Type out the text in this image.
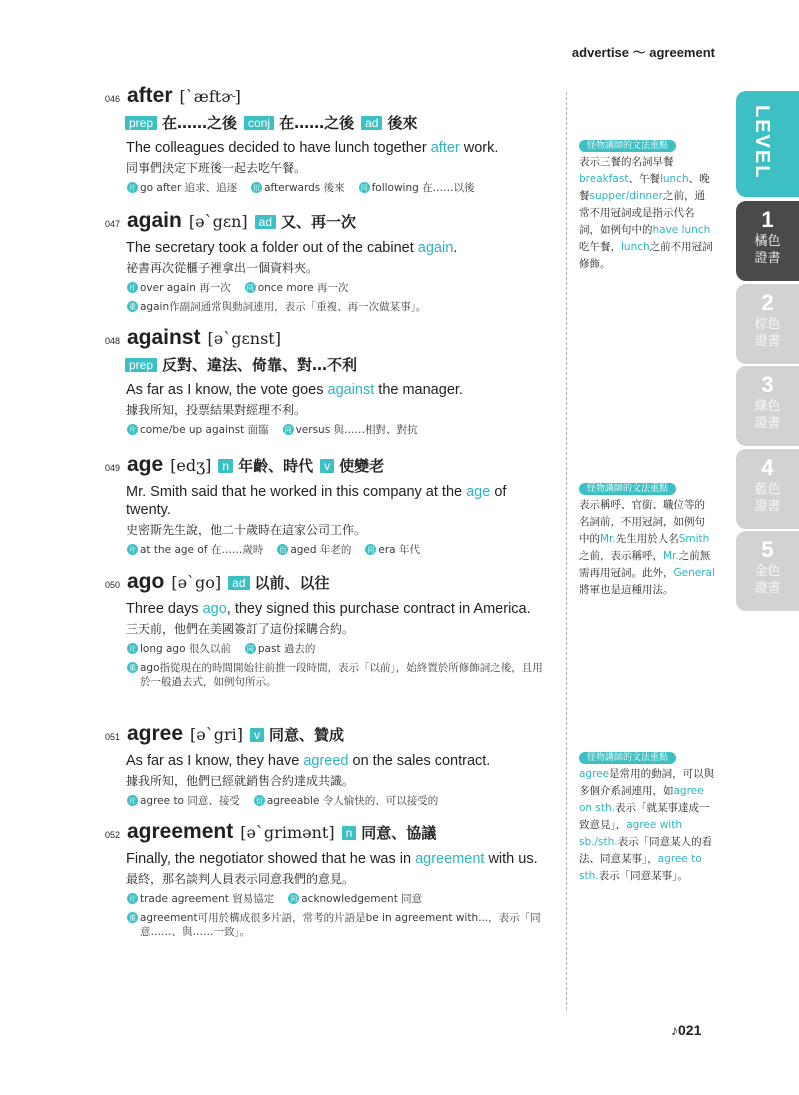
advertise ～ agreement
046 after [ˋæftɚ]
prep 在……之後 conj 在……之後 ad 後來
The colleagues decided to have lunch together after work.
同事們決定下班後一起去吃午餐。
片 go after 追求、追逐 衍 afterwards 後來 同 following 在……以後
047 again [əˋgɛn] ad 又、再一次
The secretary took a folder out of the cabinet again.
祕書再次從櫃子裡拿出一個資料夾。
片 over again 再一次 同 once more 再一次
重 again作副詞通常與動詞連用，表示「重複、再一次做某事」。
048 against [əˋgɛnst]
prep 反對、違法、倚靠、對…不利
As far as I know, the vote goes against the manager.
據我所知，投票結果對經理不利。
片 come/be up against 面臨 同 versus 與……相對、對抗
049 age [edʒ] n 年齡、時代 v 使變老
Mr. Smith said that he worked in this company at the age of twenty.
史密斯先生說，他二十歲時在這家公司工作。
片 at the age of 在……歲時 衍 aged 年老的 同 era 年代
050 ago [əˋgo] ad 以前、以往
Three days ago, they signed this purchase contract in America.
三天前，他們在美國簽訂了這份採購合約。
片 long ago 很久以前 同 past 過去的
重 ago指從現在的時間開始往前推一段時間，表示「以前」，始終置於所修飾詞之後，且用於一般過去式，如例句所示。
051 agree [əˋgri] v 同意、贊成
As far as I know, they have agreed on the sales contract.
據我所知，他們已經就銷售合約達成共識。
片 agree to 同意、接受 衍 agreeable 令人愉快的、可以接受的
052 agreement [əˋgrimənt] n 同意、協議
Finally, the negotiator showed that he was in agreement with us.
最終，那名談判人員表示同意我們的意見。
片 trade agreement 貿易協定 同 acknowledgement 同意
重 agreement可用於構成很多片語，常考的片語是be in agreement with...，表示「同意……、與……一致」。
怪物講師的文法重點
表示三餐的名詞早餐breakfast、午餐lunch、晚餐supper/dinner之前，通常不用冠詞或是指示代名詞，如例句中的have lunch 吃午餐，lunch之前不用冠詞修飾。
怪物講師的文法重點
表示稱呼、官銜、職位等的名詞前，不用冠詞，如例句中的Mr.先生用於人名Smith之前，表示稱呼，Mr.之前無需再用冠詞。此外，General將軍也是這種用法。
怪物講師的文法重點
agree是常用的動詞，可以與多個介系詞連用，如agree on sth.表示「就某事達成一致意見」，agree with sb./sth.表示「同意某人的看法、同意某事」，agree to sth.表示「同意某事」。
LEVEL
1
橘色
證書
2
棕色
證書
3
綠色
證書
4
藍色
證書
5
金色
證書
♪021
